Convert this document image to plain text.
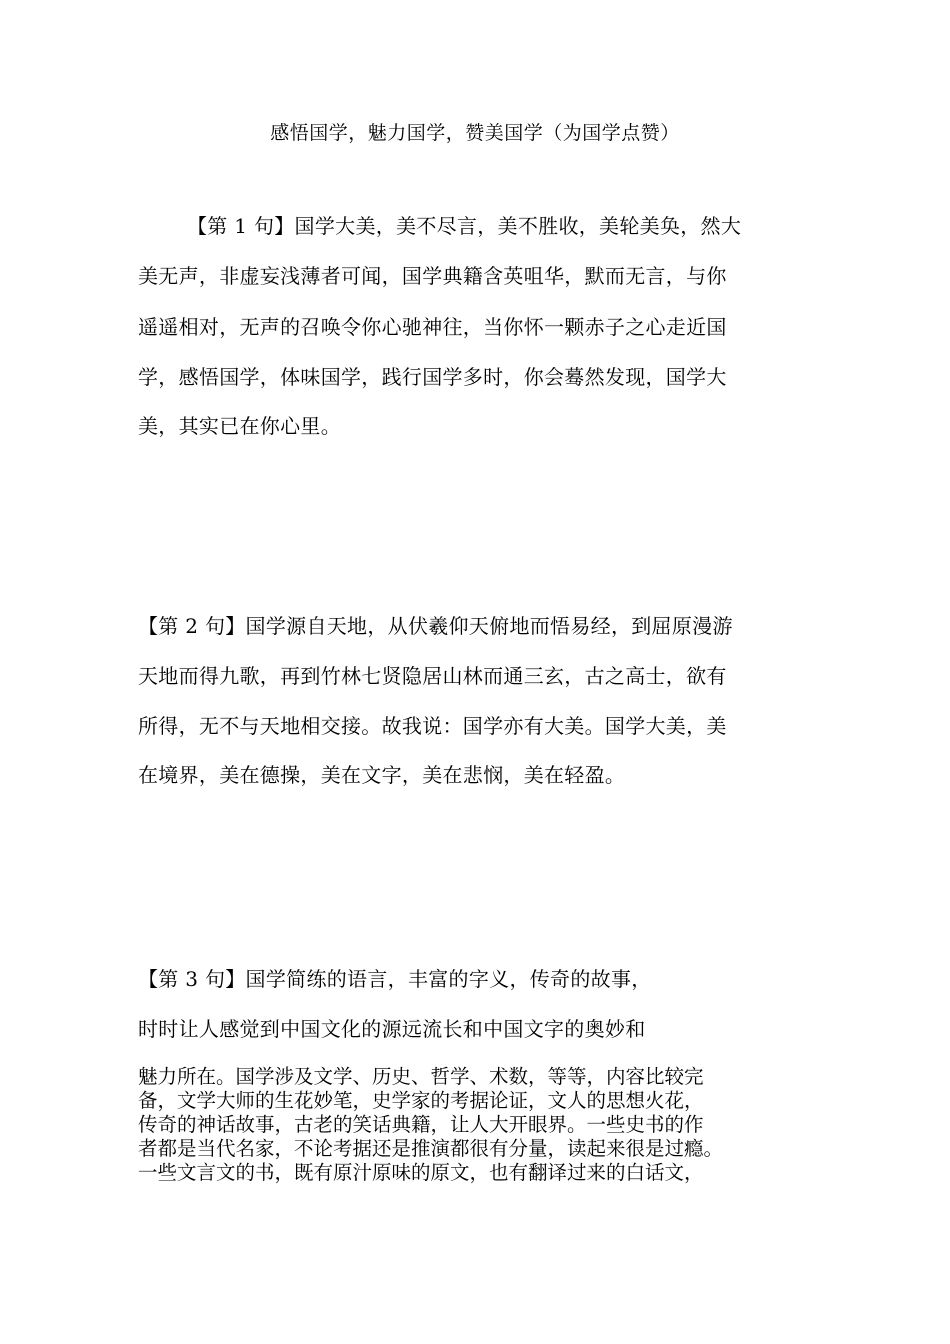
感悟国学，魅力国学，赞美国学（为国学点赞）

【第 1 句】国学大美，美不尽言，美不胜收，美轮美奂，然大

美无声，非虚妄浅薄者可闻，国学典籍含英咀华，默而无言，与你

遥遥相对，无声的召唤令你心驰神往，当你怀一颗赤子之心走近国

学，感悟国学，体味国学，践行国学多时，你会蓦然发现，国学大

美，其实已在你心里。

【第 2 句】国学源自天地，从伏羲仰天俯地而悟易经，到屈原漫游

天地而得九歌，再到竹林七贤隐居山林而通三玄，古之高士，欲有

所得，无不与天地相交接。故我说：国学亦有大美。国学大美，美

在境界，美在德操，美在文字，美在悲悯，美在轻盈。

【第 3 句】国学简练的语言，丰富的字义，传奇的故事，

时时让人感觉到中国文化的源远流长和中国文字的奥妙和

魅力所在。国学涉及文学、历史、哲学、术数，等等，内容比较完

备，文学大师的生花妙笔，史学家的考据论证，文人的思想火花，

传奇的神话故事，古老的笑话典籍，让人大开眼界。一些史书的作

者都是当代名家，不论考据还是推演都很有分量，读起来很是过瘾。

一些文言文的书，既有原汁原味的原文，也有翻译过来的白话文，
